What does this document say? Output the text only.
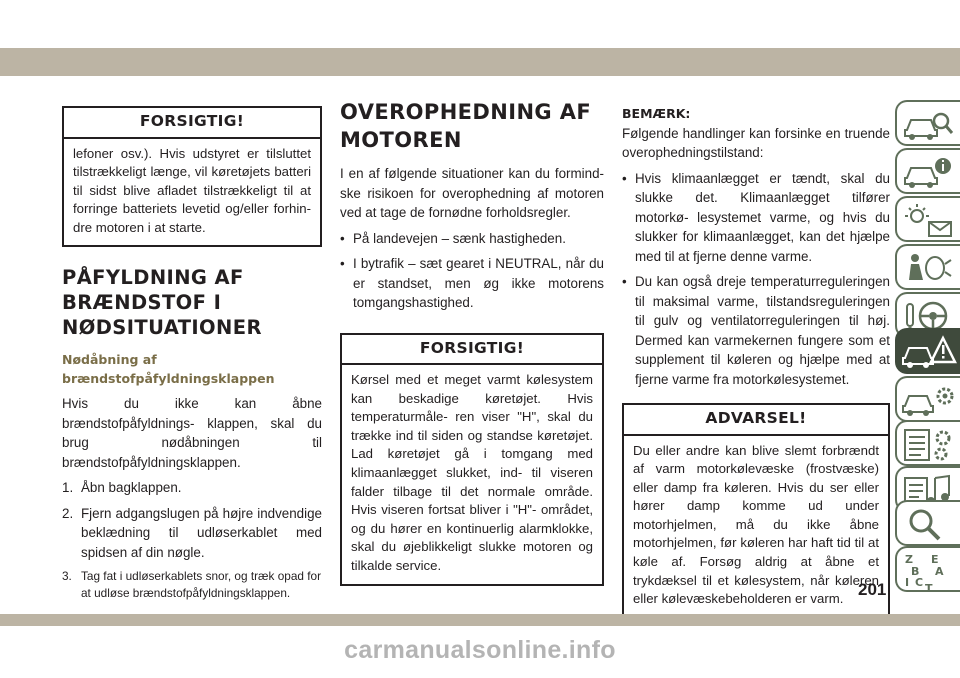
FORSIGTIG!
lefoner osv.). Hvis udstyret er tilsluttet tilstrækkeligt længe, vil køretøjets batteri til sidst blive afladet tilstrækkeligt til at forringe batteriets levetid og/eller forhin- dre motoren i at starte.
PÅFYLDNING AF
BRÆNDSTOF I
NØDSITUATIONER
Nødåbning af
brændstofpåfyldningsklappen

Hvis du ikke kan åbne brændstofpåfyldnings- klappen, skal du brug nødåbningen til brændstofpåfyldningsklappen.

1. Åbn bagklappen.
2. Fjern adgangslugen på højre indvendige beklædning til udløserkablet med spidsen af din nøgle.
3. Tag fat i udløserkablets snor, og træk opad for at udløse brændstofpåfyldningsklappen.
OVEROPHEDNING AF
MOTOREN

I en af følgende situationer kan du formind- ske risikoen for overophedning af motoren ved at tage de fornødne forholdsregler.

• På landevejen – sænk hastigheden.
• I bytrafik – sæt gearet i NEUTRAL, når du er standset, men øg ikke motorens tomgangshastighed.
FORSIGTIG!
Kørsel med et meget varmt kølesystem kan beskadige køretøjet. Hvis temperaturmåle- ren viser "H", skal du trække ind til siden og standse køretøjet. Lad køretøjet gå i tomgang med klimaanlægget slukket, ind- til viseren falder tilbage til det normale område. Hvis viseren fortsat bliver i "H"- området, og du hører en kontinuerlig alarmklokke, skal du øjeblikkeligt slukke motoren og tilkalde service.

BEMÆRK:

Følgende handlinger kan forsinke en truende overophedningstilstand:

• Hvis klimaanlægget er tændt, skal du slukke det. Klimaanlægget tilfører motorkø- lesystemet varme, og hvis du slukker for klimaanlægget, kan det hjælpe med til at fjerne denne varme.
• Du kan også dreje temperaturreguleringen til maksimal varme, tilstandsreguleringen til gulv og ventilatorreguleringen til høj. Dermed kan varmekernen fungere som et supplement til køleren og hjælpe med at fjerne varme fra motorkølesystemet.
ADVARSEL!
Du eller andre kan blive slemt forbrændt af varm motorkølevæske (frostvæske) eller damp fra køleren. Hvis du ser eller hører damp komme ud under motorhjelmen, må du ikke åbne motorhjelmen, før køleren har haft tid til at køle af. Forsøg aldrig at åbne et trykdæksel til et kølesystem, når køleren eller kølevæskebeholderen er varm.
Z E
B A
I C T
201
carmanualsonline.info
